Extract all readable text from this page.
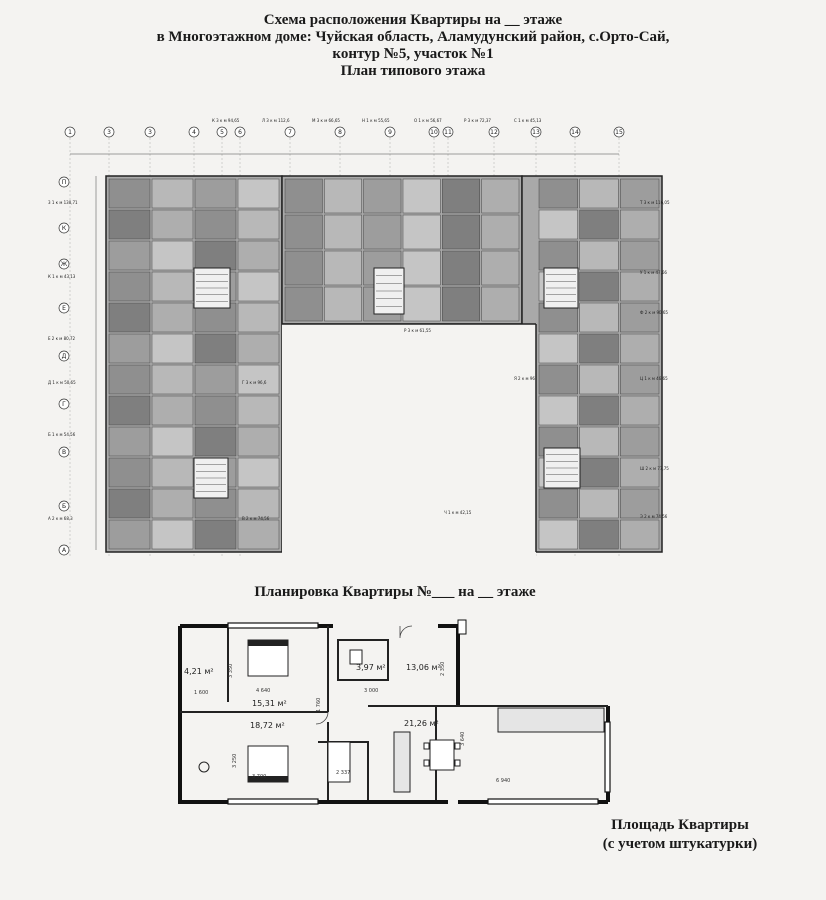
Схема расположения Квартиры на __ этаже
в Многоэтажном доме: Чуйская область, Аламудунский район, с.Орто-Сай,
контур №5, участок №1
План типового этажа
1	3	3	4	5 6	7	8	9	10 11	12	13	14	15
П
К
Ж
Е
Д
Г
В
Б
А
3 1 к м 130,71
К 1 к м 43,13
Е 2 к м 80,72
Д 1 к м 50,65
Б 1 к м 54,56
А 2 к м 68,3
Г 3 к м 96,6
В 2 к м 74,56
К 3 к м 94,65	Л 3 к м 112,6	М 3 к м 66,65	Н 1 к м 55,65	О 1 к м 56,67	Р 3 к м 72,37	С 1 к м 45,13
Т 3 к м 116,05
У 1 к м 47,66
Ф 2 к м 90,65
Р 3 к м 61,55
Ц 1 к м 46,65
Ш 2 к м 77,75
Ч 1 к м 42,15
Э 2 к м 74,56
Я 2 к м 96
Планировка Квартиры №___ на __ этаже
4,21 м²
15,31 м²
3,97 м²	13,06 м²
18,72 м²	21,26 м²
3 350
4 640
1 600
2 350
3 000
1 760
3 250
3 700
3 640
6 940
2 337
Площадь Квартиры
(с учетом штукатурки)
